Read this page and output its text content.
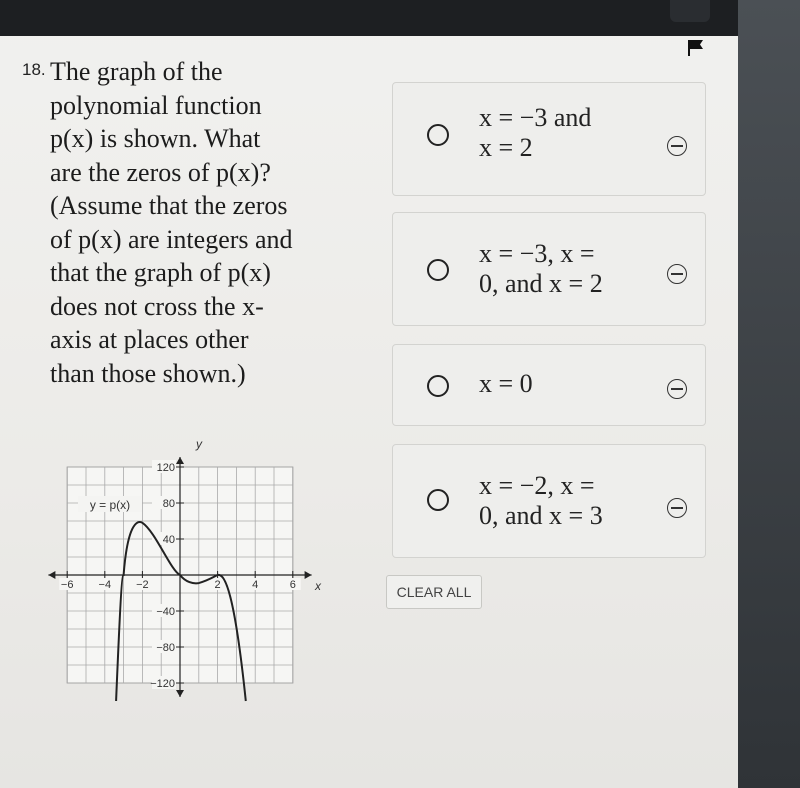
18. The graph of the

polynomial function

p(x) is shown. What

are the zeros of p(x)?

(Assume that the zeros

of p(x) are integers and

that the graph of p(x)

does not cross the x-

axis at places other

than those shown.)

−6 −4 −2	2	4	6
120
80
40
−40
−80
−120
y = p(x)
x
y
x = −3 and
x = 2
x = −3, x =
0, and x = 2
x = 0
x = −2, x =
0, and x = 3
CLEAR ALL
